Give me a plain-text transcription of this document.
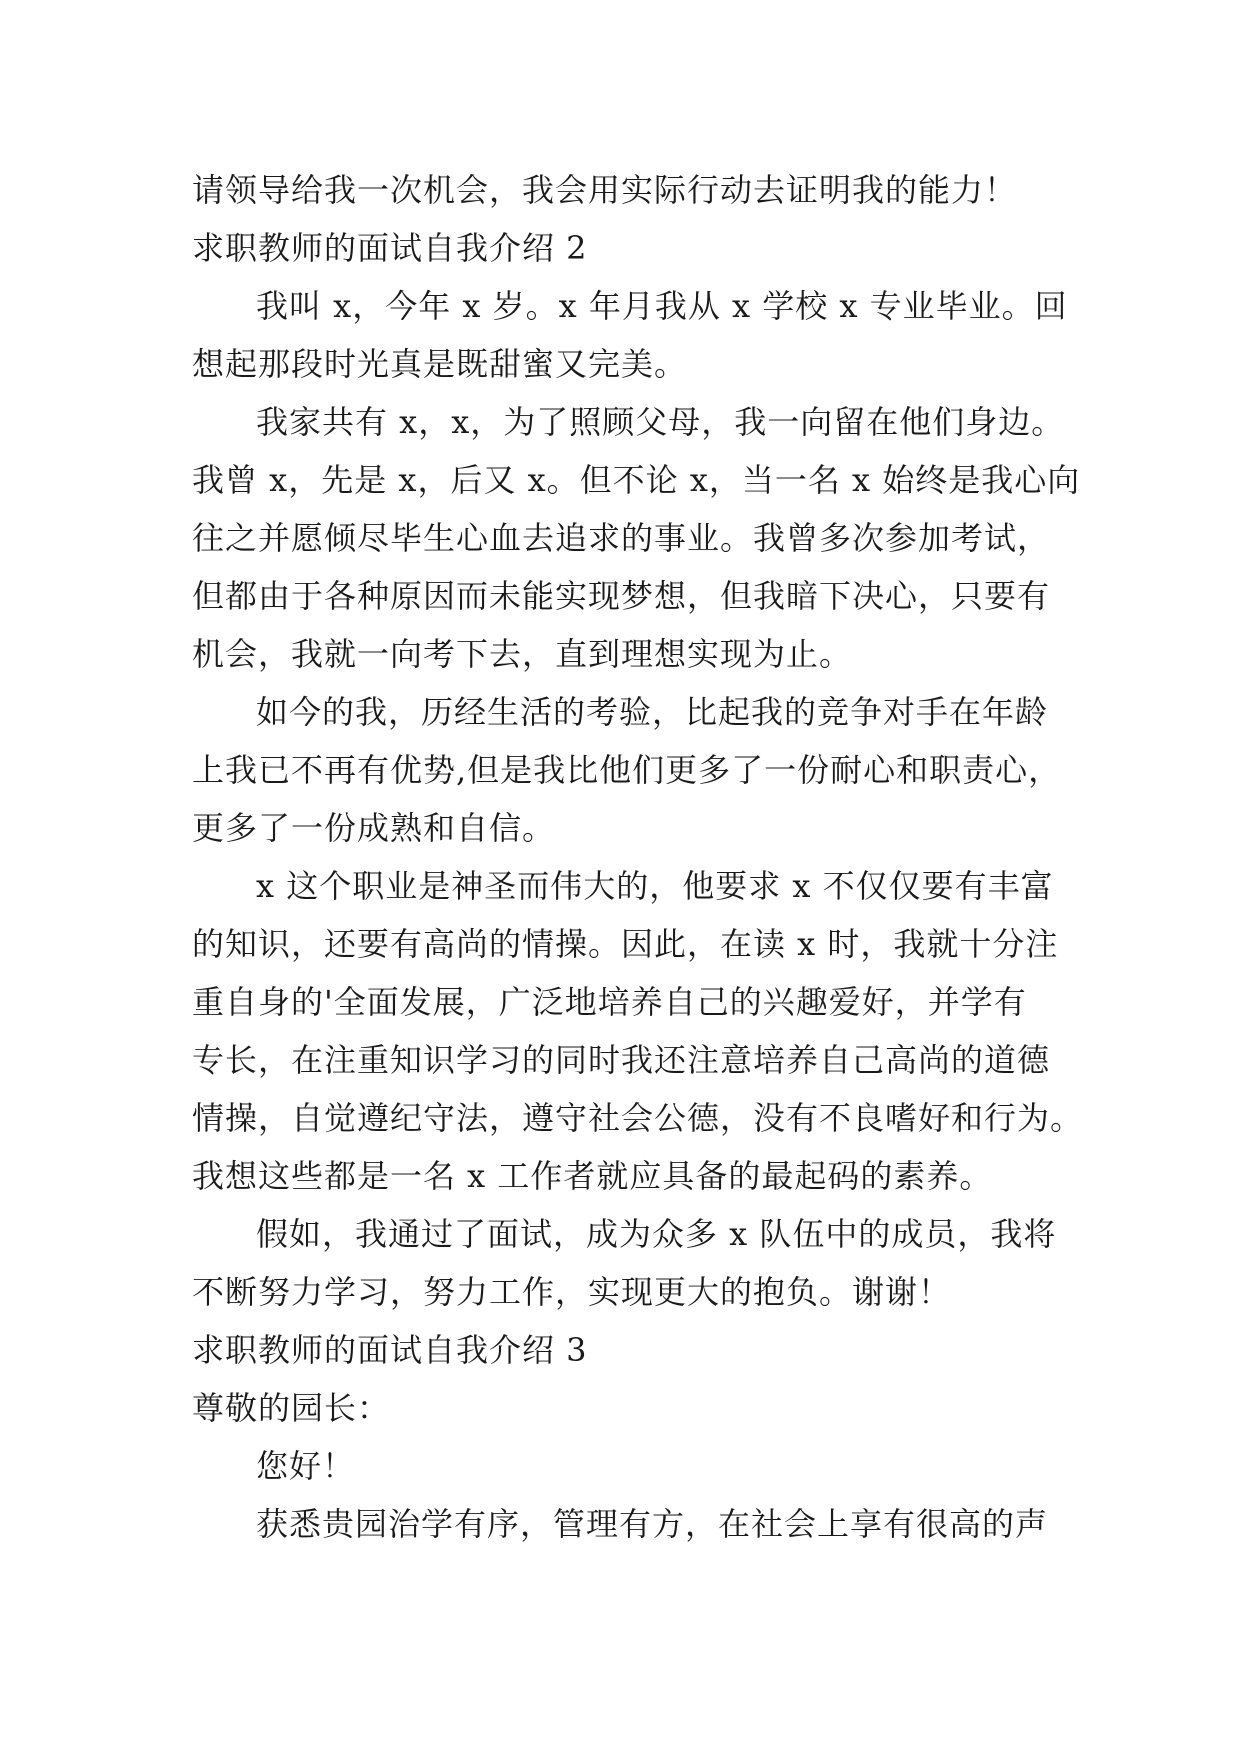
请领导给我一次机会，我会用实际行动去证明我的能力！
求职教师的面试自我介绍 2
我叫 x，今年 x 岁。x 年月我从 x 学校 x 专业毕业。回
想起那段时光真是既甜蜜又完美。
我家共有 x，x，为了照顾父母，我一向留在他们身边。
我曾 x，先是 x，后又 x。但不论 x，当一名 x 始终是我心向
往之并愿倾尽毕生心血去追求的事业。我曾多次参加考试，
但都由于各种原因而未能实现梦想，但我暗下决心，只要有
机会，我就一向考下去，直到理想实现为止。
如今的我，历经生活的考验，比起我的竞争对手在年龄
上我已不再有优势,但是我比他们更多了一份耐心和职责心，
更多了一份成熟和自信。
x 这个职业是神圣而伟大的，他要求 x 不仅仅要有丰富
的知识，还要有高尚的情操。因此，在读 x 时，我就十分注
重自身的'全面发展，广泛地培养自己的兴趣爱好，并学有
专长，在注重知识学习的同时我还注意培养自己高尚的道德
情操，自觉遵纪守法，遵守社会公德，没有不良嗜好和行为。
我想这些都是一名 x 工作者就应具备的最起码的素养。
假如，我通过了面试，成为众多 x 队伍中的成员，我将
不断努力学习，努力工作，实现更大的抱负。谢谢！
求职教师的面试自我介绍 3
尊敬的园长：
您好！
获悉贵园治学有序，管理有方，在社会上享有很高的声
